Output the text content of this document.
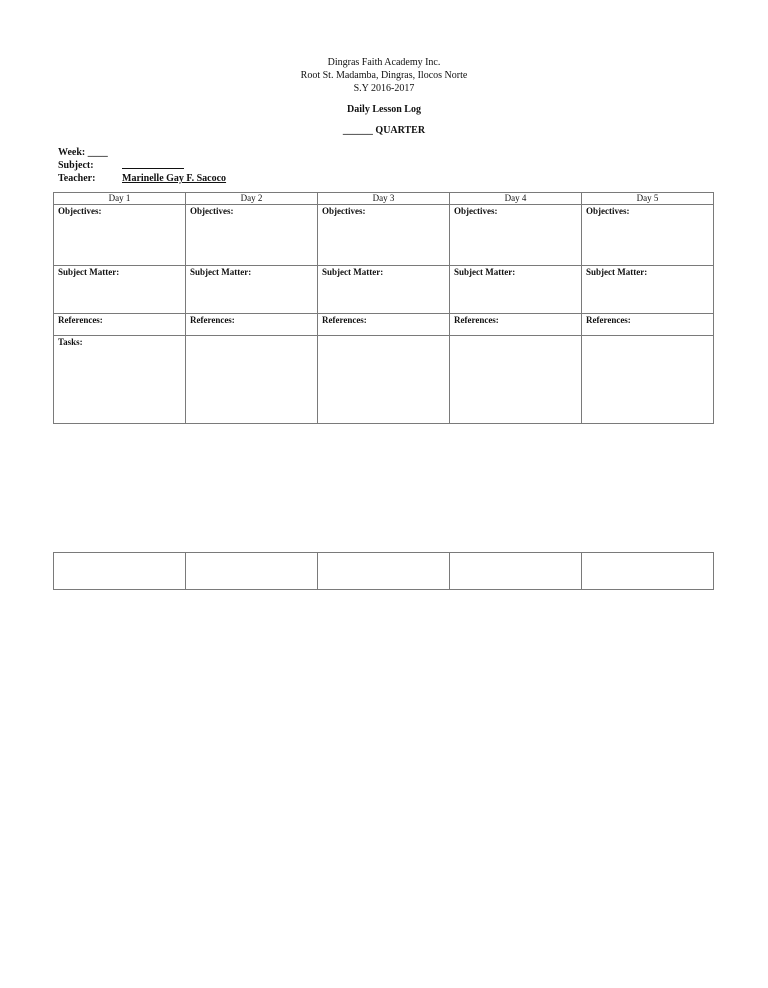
Dingras Faith Academy Inc.
Root St. Madamba, Dingras, Ilocos Norte
S.Y 2016-2017
Daily Lesson Log
______ QUARTER
Week: ____
Subject:
Teacher:	Marinelle Gay F. Sacoco
Day 1	Day 2	Day 3	Day 4	Day 5
Objectives:	Objectives:	Objectives:	Objectives:	Objectives:
Subject Matter:	Subject Matter:	Subject Matter:	Subject Matter:	Subject Matter:
References:	References:	References:	References:	References:
Tasks:				
